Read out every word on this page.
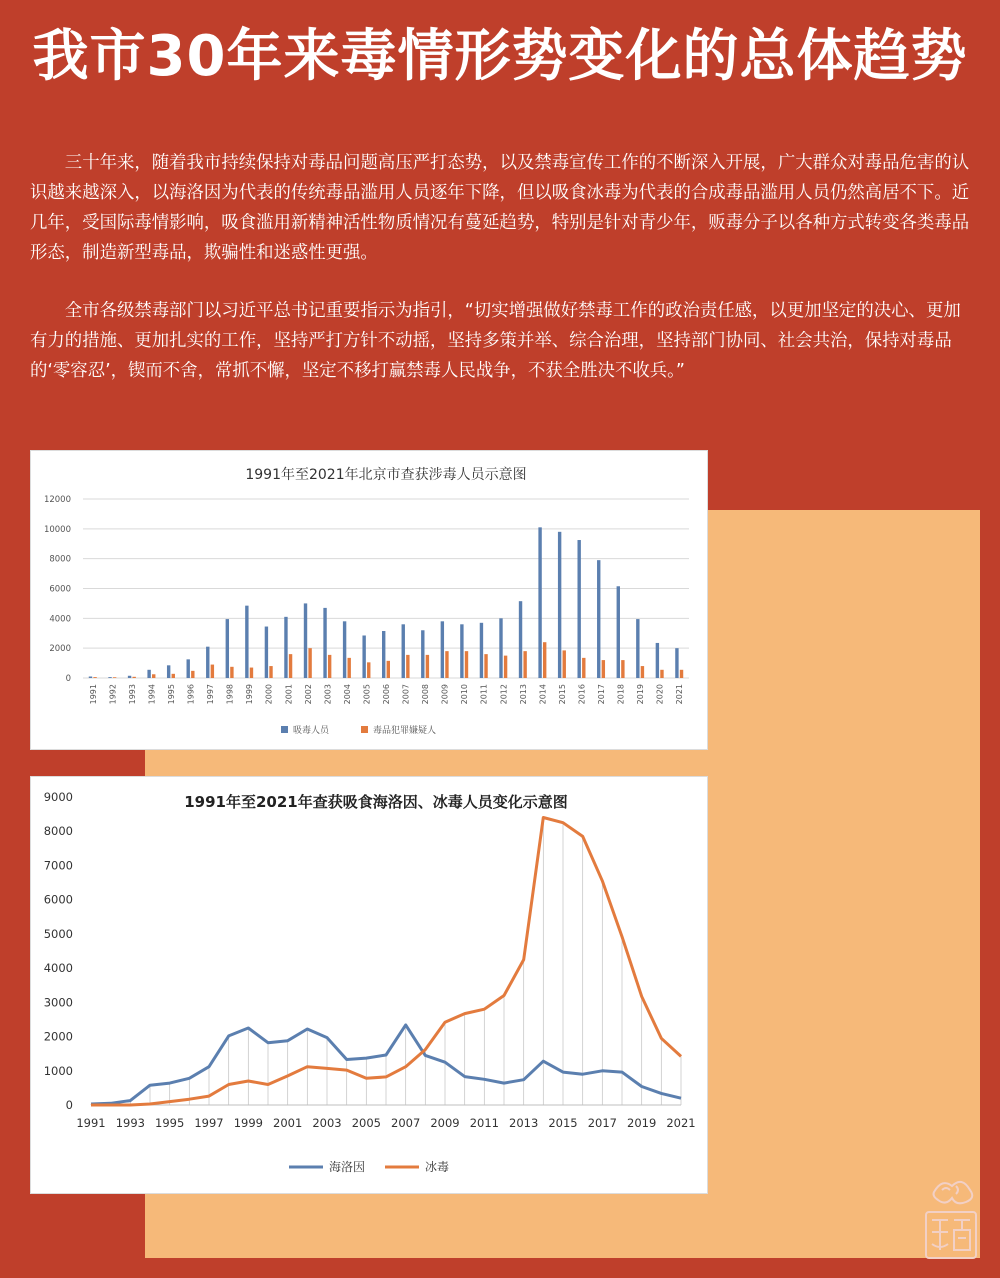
我市30年来毒情形势变化的总体趋势

三十年来，随着我市持续保持对毒品问题高压严打态势，以及禁毒宣传工作的不断深入开展，广大群众对毒品危害的认识越来越深入，以海洛因为代表的传统毒品滥用人员逐年下降，但以吸食冰毒为代表的合成毒品滥用人员仍然高居不下。近几年，受国际毒情影响，吸食滥用新精神活性物质情况有蔓延趋势，特别是针对青少年，贩毒分子以各种方式转变各类毒品形态，制造新型毒品，欺骗性和迷惑性更强。

全市各级禁毒部门以习近平总书记重要指示为指引，“切实增强做好禁毒工作的政治责任感，以更加坚定的决心、更加有力的措施、更加扎实的工作，坚持严打方针不动摇，坚持多策并举、综合治理，坚持部门协同、社会共治，保持对毒品的‘零容忍’，锲而不舍，常抓不懈，坚定不移打赢禁毒人民战争，不获全胜决不收兵。”

1991年至2021年北京市查获涉毒人员示意图
0
2000
4000
6000
8000
10000
12000
1991 1992 1993 1994 1995 1996 1997 1998 1999 2000 2001 2002 2003 2004 2005 2006 2007 2008 2009 2010 2011 2012 2013 2014 2015 2016 2017 2018 2019 2020 2021
吸毒人员	毒品犯罪嫌疑人
1991年至2021年查获吸食海洛因、冰毒人员变化示意图
0
1000
2000
3000
4000
5000
6000
7000
8000
9000
1991 1993 1995 1997 1999 2001 2003 2005 2007 2009 2011 2013 2015 2017 2019 2021
海洛因	冰毒
